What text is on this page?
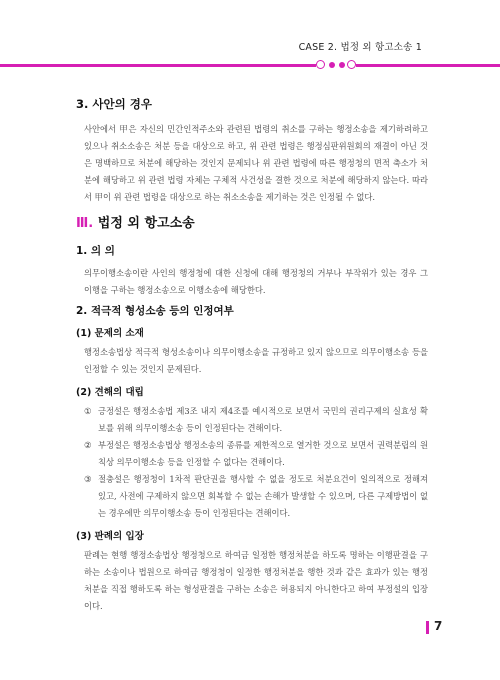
CASE 2. 법정 외 항고소송 1
3. 사안의 경우

사안에서 甲은 자신의 민간인적주소와 관련된 법령의 취소를 구하는 행정소송을 제기하려하고 있으나 취소소송은 처분 등을 대상으로 하고, 위 관련 법령은 행정심판위원회의 재결이 아닌 것은 명백하므로 처분에 해당하는 것인지 문제되나 위 관련 법령에 따른 행정청의 면적 축소가 처분에 해당하고 위 관련 법령 자체는 구체적 사건성을 결한 것으로 처분에 해당하지 않는다. 따라서 甲이 위 관련 법령을 대상으로 하는 취소소송을 제기하는 것은 인정될 수 없다.

Ⅲ. 법정 외 항고소송
1. 의 의

의무이행소송이란 사인의 행정청에 대한 신청에 대해 행정청의 거부나 부작위가 있는 경우 그 이행을 구하는 행정소송으로 이행소송에 해당한다.

2. 적극적 형성소송 등의 인정여부
(1) 문제의 소재

행정소송법상 적극적 형성소송이나 의무이행소송을 규정하고 있지 않으므로 의무이행소송 등을 인정할 수 있는 것인지 문제된다.

(2) 견해의 대립
① 긍정설은 행정소송법 제3조 내지 제4조를 예시적으로 보면서 국민의 권리구제의 실효성 확보를 위해 의무이행소송 등이 인정된다는 견해이다.

② 부정설은 행정소송법상 행정소송의 종류를 제한적으로 열거한 것으로 보면서 권력분립의 원칙상 의무이행소송 등을 인정할 수 없다는 견해이다.

③ 절충설은 행정청이 1차적 판단권을 행사할 수 없을 정도로 처분요건이 일의적으로 정해져 있고, 사전에 구제하지 않으면 회복할 수 없는 손해가 발생할 수 있으며, 다른 구제방법이 없는 경우에만 의무이행소송 등이 인정된다는 견해이다.

(3) 판례의 입장

판례는 현행 행정소송법상 행정청으로 하여금 일정한 행정처분을 하도록 명하는 이행판결을 구하는 소송이나 법원으로 하여금 행정청이 일정한 행정처분을 행한 것과 같은 효과가 있는 행정처분을 직접 행하도록 하는 형성판결을 구하는 소송은 허용되지 아니한다고 하여 부정설의 입장이다.

7
